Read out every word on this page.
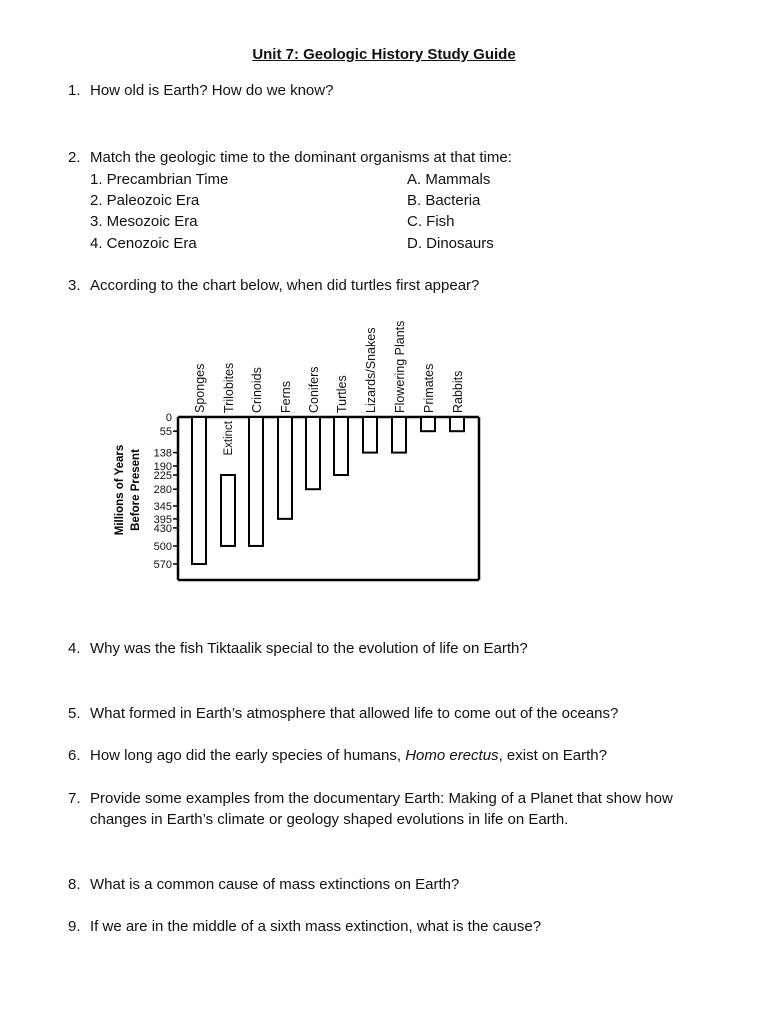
Unit 7: Geologic History Study Guide
1. How old is Earth? How do we know?
2. Match the geologic time to the dominant organisms at that time:
1. Precambrian Time
2. Paleozoic Era
3. Mesozoic Era
4. Cenozoic Era
A. Mammals
B. Bacteria
C. Fish
D. Dinosaurs
3. According to the chart below, when did turtles first appear?
0
55
138
190
225
280
345
395
430
500
570
Millions of Years Before Present
Sponges Trilobites Crinoids Ferns Conifers Turtles Lizards/Snakes Flowering Plants Primates Rabbits
Extinct
4. Why was the fish Tiktaalik special to the evolution of life on Earth?
5. What formed in Earth’s atmosphere that allowed life to come out of the oceans?
6. How long ago did the early species of humans, Homo erectus, exist on Earth?
7. Provide some examples from the documentary Earth: Making of a Planet that show how changes in Earth’s climate or geology shaped evolutions in life on Earth.
8. What is a common cause of mass extinctions on Earth?
9. If we are in the middle of a sixth mass extinction, what is the cause?
